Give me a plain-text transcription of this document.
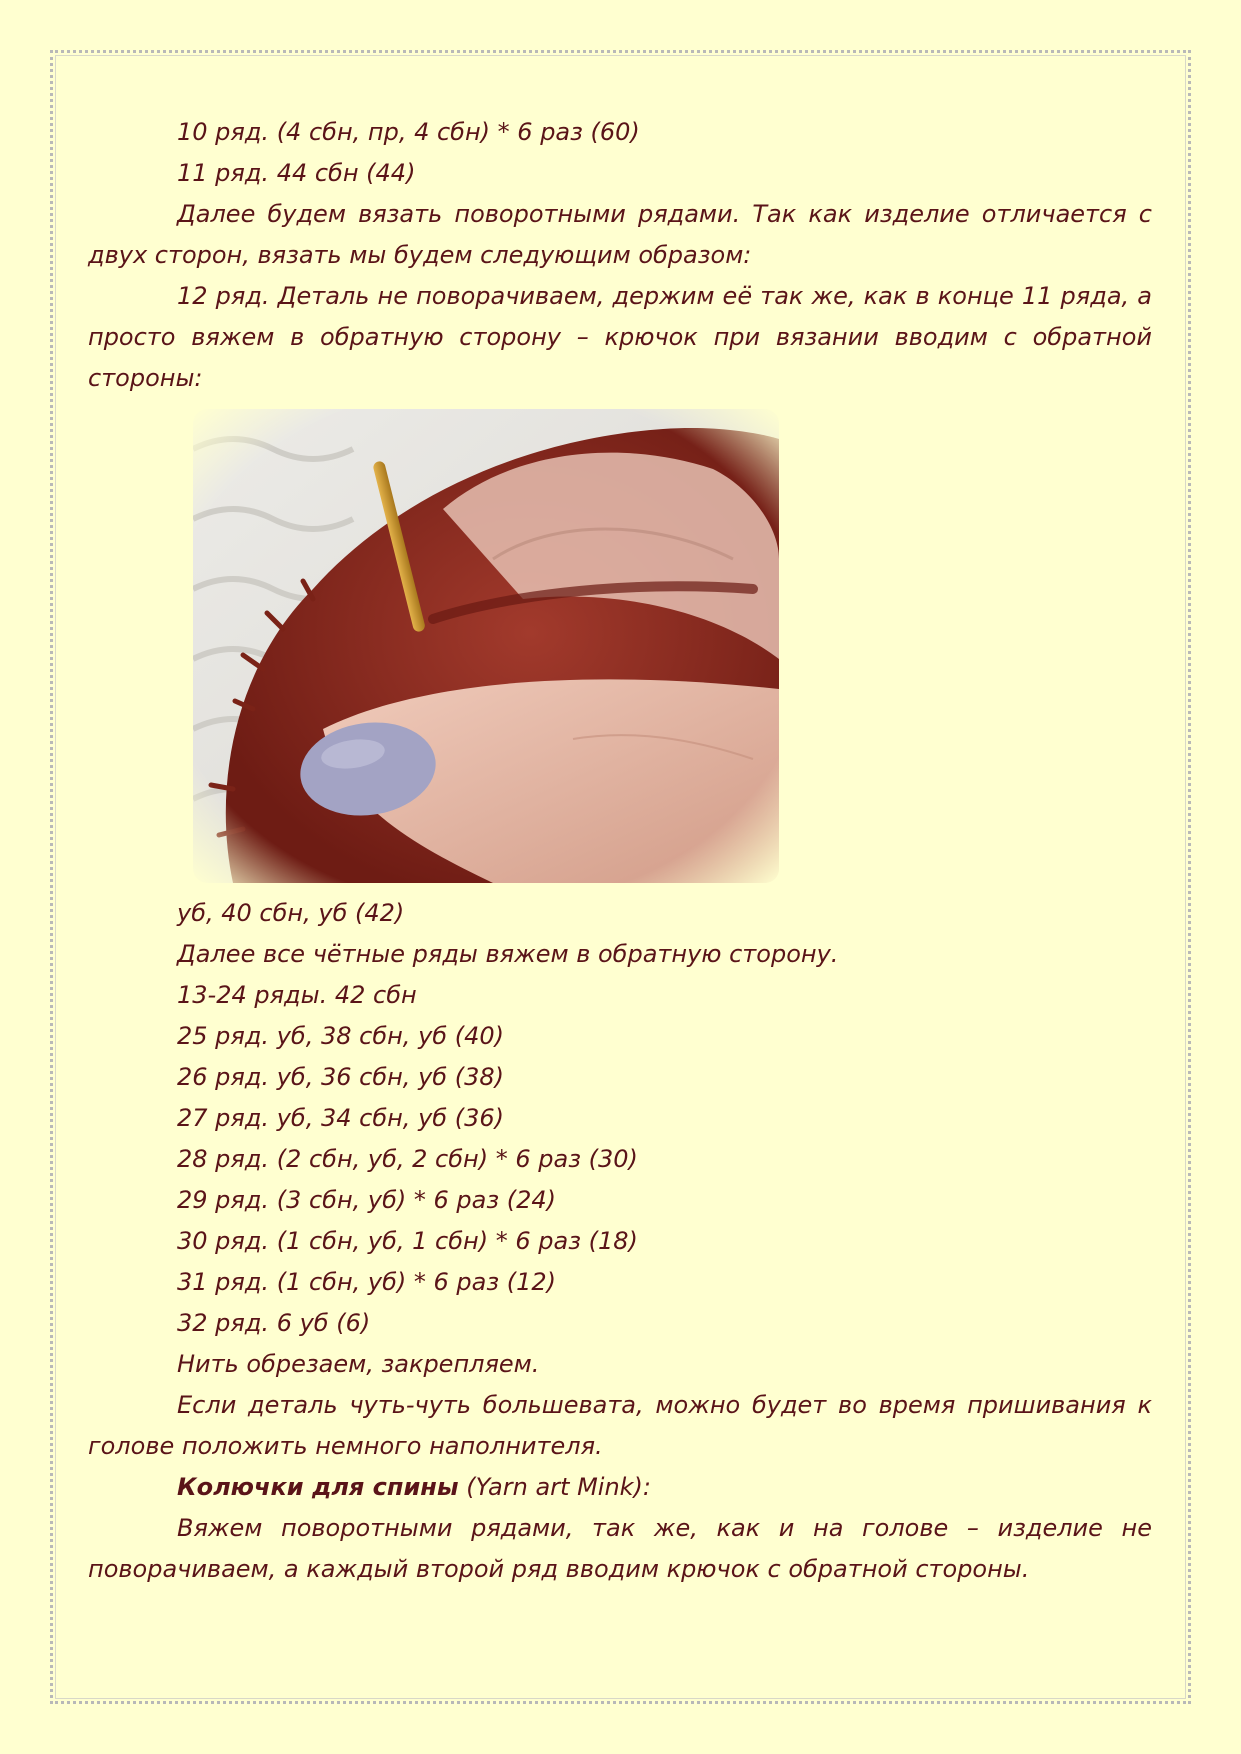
10 ряд. (4 сбн, пр, 4 сбн) * 6 раз (60)

11 ряд. 44 сбн (44)

Далее будем вязать поворотными рядами. Так как изделие отличается с двух сторон, вязать мы будем следующим образом:

12 ряд. Деталь не поворачиваем, держим её так же, как в конце 11 ряда, а просто вяжем в обратную сторону – крючок при вязании вводим с обратной стороны:

уб, 40 сбн, уб (42)

Далее все чётные ряды вяжем в обратную сторону.

13-24 ряды. 42 сбн

25 ряд. уб, 38 сбн, уб (40)

26 ряд. уб, 36 сбн, уб (38)

27 ряд. уб, 34 сбн, уб (36)

28 ряд. (2 сбн, уб, 2 сбн) * 6 раз (30)

29 ряд. (3 сбн, уб) * 6 раз (24)

30 ряд. (1 сбн, уб, 1 сбн) * 6 раз (18)

31 ряд. (1 сбн, уб) * 6 раз (12)

32 ряд. 6 уб (6)

Нить обрезаем, закрепляем.

Если деталь чуть-чуть большевата, можно будет во время пришивания к голове положить немного наполнителя.

Колючки для спины (Yarn art Mink):

Вяжем поворотными рядами, так же, как и на голове – изделие не поворачиваем, а каждый второй ряд вводим крючок с обратной стороны.
